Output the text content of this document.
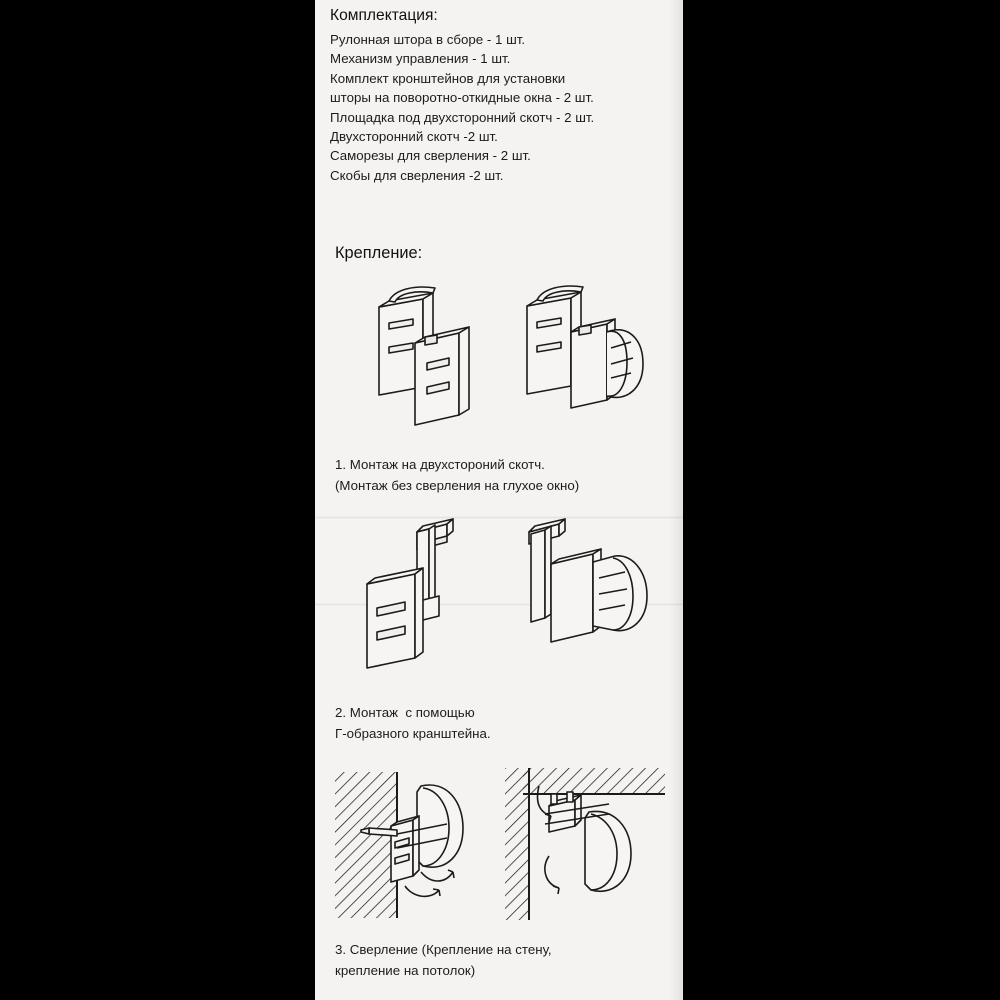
Комплектация:
Рулонная штора в сборе - 1 шт.
Механизм управления - 1 шт.
Комплект кронштейнов для установки
шторы на поворотно-откидные окна - 2 шт.
Площадка под двухсторонний скотч - 2 шт.
Двухсторонний скотч -2 шт.
Саморезы для сверления - 2 шт.
Скобы для сверления -2 шт.
Крепление:
1. Монтаж на двухстороний скотч.
(Монтаж без сверления на глухое окно)
2. Монтаж  с помощью
Г-образного кранштейна.
3. Сверление (Крепление на стену,
крепление на потолок)
